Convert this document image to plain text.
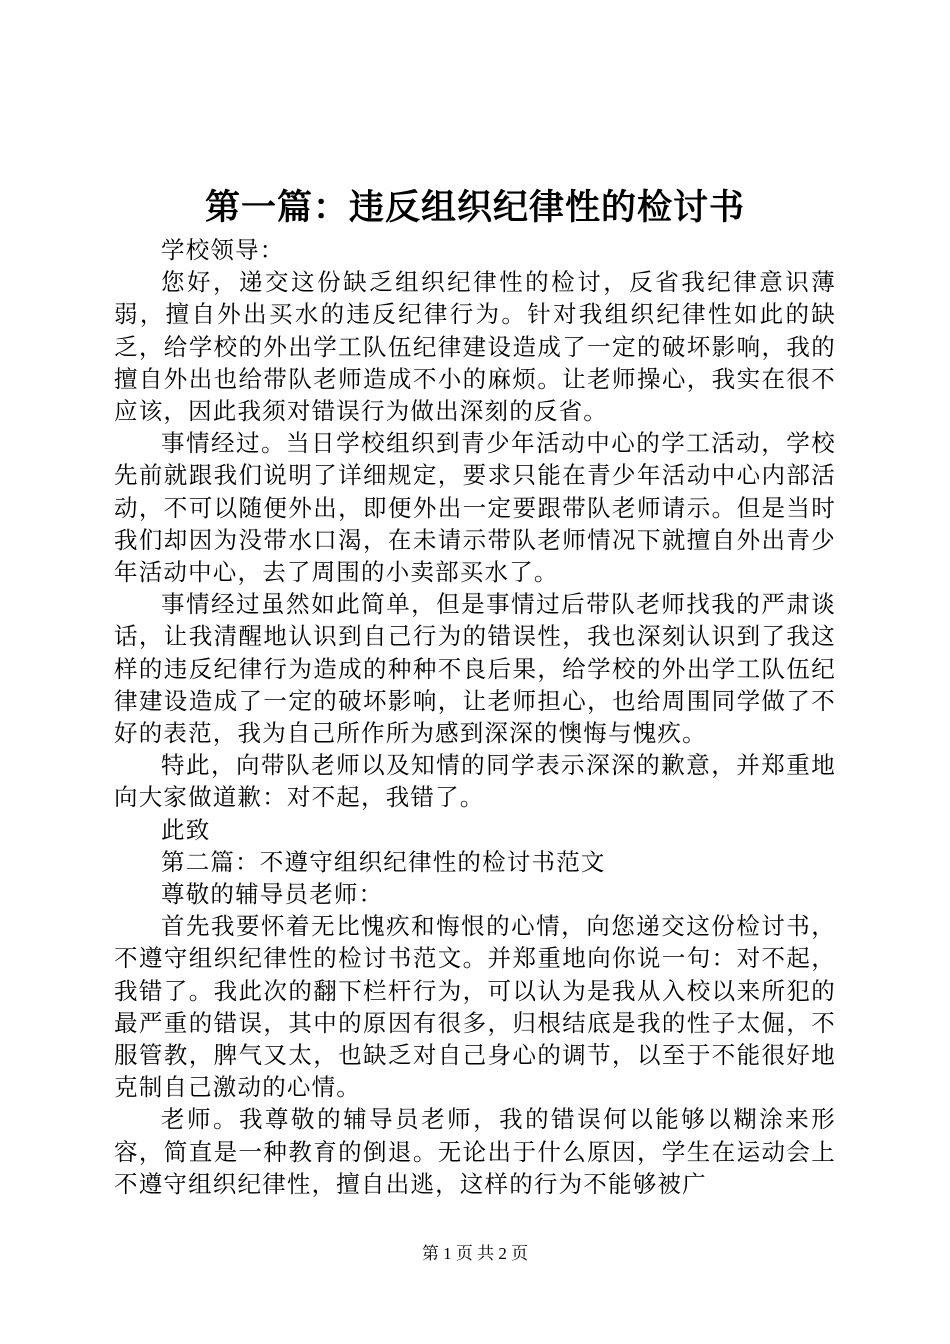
第一篇：违反组织纪律性的检讨书

学校领导：

您好，递交这份缺乏组织纪律性的检讨，反省我纪律意识薄弱，擅自外出买水的违反纪律行为。针对我组织纪律性如此的缺乏，给学校的外出学工队伍纪律建设造成了一定的破坏影响，我的擅自外出也给带队老师造成不小的麻烦。让老师操心，我实在很不应该，因此我须对错误行为做出深刻的反省。

事情经过。当日学校组织到青少年活动中心的学工活动，学校先前就跟我们说明了详细规定，要求只能在青少年活动中心内部活动，不可以随便外出，即便外出一定要跟带队老师请示。但是当时我们却因为没带水口渴，在未请示带队老师情况下就擅自外出青少年活动中心，去了周围的小卖部买水了。

事情经过虽然如此简单，但是事情过后带队老师找我的严肃谈话，让我清醒地认识到自己行为的错误性，我也深刻认识到了我这样的违反纪律行为造成的种种不良后果，给学校的外出学工队伍纪律建设造成了一定的破坏影响，让老师担心，也给周围同学做了不好的表范，我为自己所作所为感到深深的懊悔与愧疚。

特此，向带队老师以及知情的同学表示深深的歉意，并郑重地向大家做道歉：对不起，我错了。

此致

第二篇：不遵守组织纪律性的检讨书范文

尊敬的辅导员老师：

首先我要怀着无比愧疚和悔恨的心情，向您递交这份检讨书，不遵守组织纪律性的检讨书范文。并郑重地向你说一句：对不起，我错了。我此次的翻下栏杆行为，可以认为是我从入校以来所犯的最严重的错误，其中的原因有很多，归根结底是我的性子太倔，不服管教，脾气又太，也缺乏对自己身心的调节，以至于不能很好地克制自己激动的心情。

老师。我尊敬的辅导员老师，我的错误何以能够以糊涂来形容，简直是一种教育的倒退。无论出于什么原因，学生在运动会上不遵守组织纪律性，擅自出逃，这样的行为不能够被广

第 1 页 共 2 页
